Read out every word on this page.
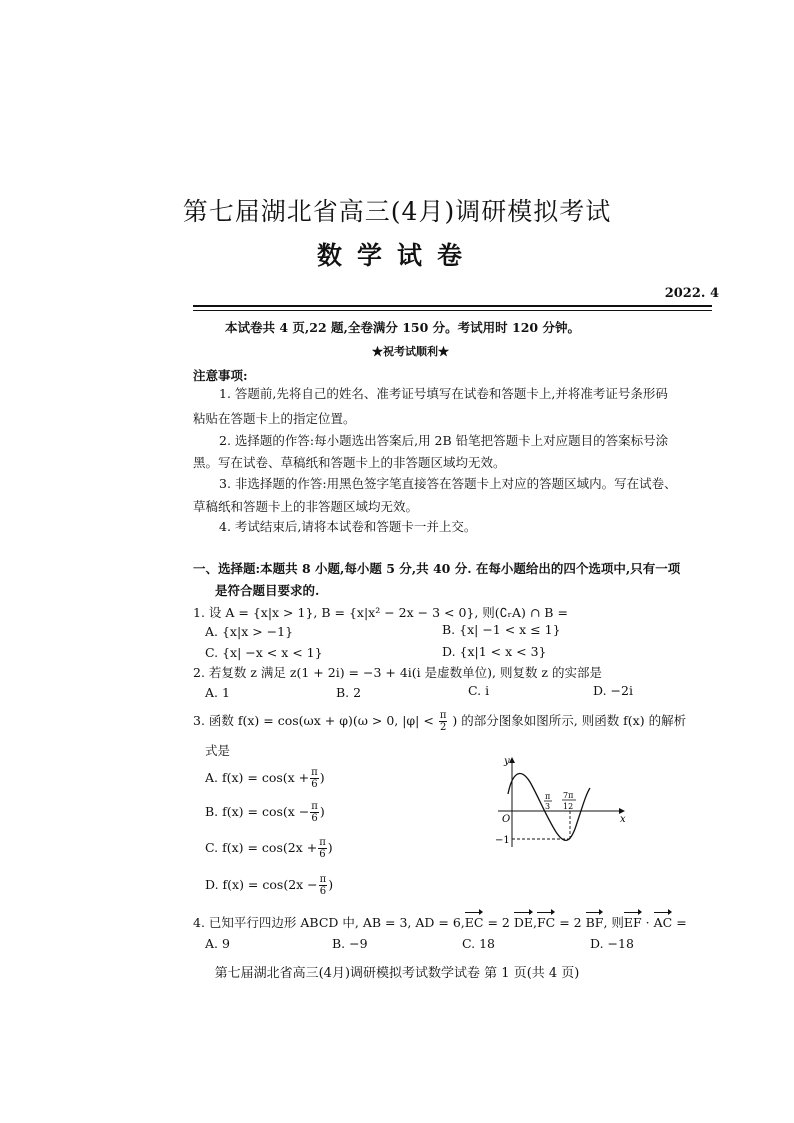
第七届湖北省高三(4月)调研模拟考试
数学试卷
2022. 4
本试卷共 4 页,22 题,全卷满分 150 分。考试用时 120 分钟。
★祝考试顺利★
注意事项:
1. 答题前,先将自己的姓名、准考证号填写在试卷和答题卡上,并将准考证号条形码
粘贴在答题卡上的指定位置。
2. 选择题的作答:每小题选出答案后,用 2B 铅笔把答题卡上对应题目的答案标号涂
黑。写在试卷、草稿纸和答题卡上的非答题区域均无效。
3. 非选择题的作答:用黑色签字笔直接答在答题卡上对应的答题区域内。写在试卷、
草稿纸和答题卡上的非答题区域均无效。
4. 考试结束后,请将本试卷和答题卡一并上交。
一、选择题:本题共 8 小题,每小题 5 分,共 40 分. 在每小题给出的四个选项中,只有一项
是符合题目要求的.
1. 设 A = {x|x > 1}, B = {x|x² − 2x − 3 < 0}, 则(∁ᵣA) ∩ B =
A. {x|x > −1}	B. {x| −1 < x ≤ 1}
C. {x| −x < x < 1}	D. {x|1 < x < 3}
2. 若复数 z 满足 z(1 + 2i) = −3 + 4i(i 是虚数单位), 则复数 z 的实部是
A. 1	B. 2	C. i	D. −2i
3. 函数 f(x) = cos(ωx + φ)(ω > 0, $|\varphi| < \frac{\pi}{2}$ ) 的部分图象如图所示, 则函数 f(x) 的解析
式是
A. $f(x) = \cos(x + \frac{\pi}{6}$ )
B. $f(x) = \cos(x - \frac{\pi}{6}$ )
C. $f(x) = \cos(2x + \frac{\pi}{6}$ )
D. $f(x) = \cos(2x - \frac{\pi}{6}$ )
y
x
O
−1
π
3
7π
12
4. 已知平行四边形 ABCD 中, AB = 3, AD = 6,EC = 2 DE,FC = 2 BF, 则EF · AC =
A. 9	B. −9	C. 18	D. −18
第七届湖北省高三(4月)调研模拟考试数学试卷 第 1 页(共 4 页)
